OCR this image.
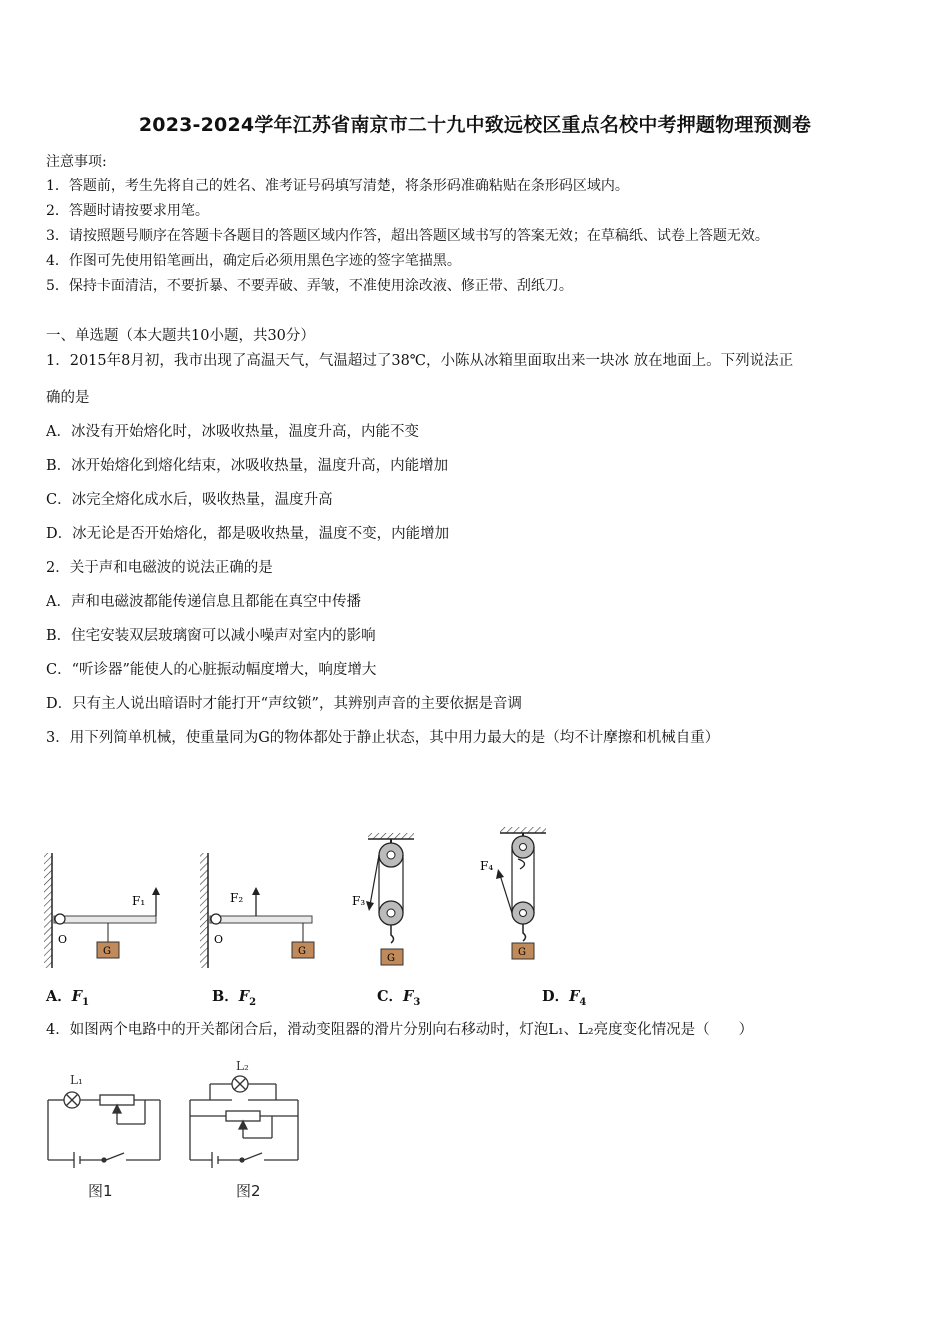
2023-2024学年江苏省南京市二十九中致远校区重点名校中考押题物理预测卷
注意事项:
1．答题前，考生先将自己的姓名、准考证号码填写清楚，将条形码准确粘贴在条形码区域内。
2．答题时请按要求用笔。
3．请按照题号顺序在答题卡各题目的答题区域内作答，超出答题区域书写的答案无效；在草稿纸、试卷上答题无效。
4．作图可先使用铅笔画出，确定后必须用黑色字迹的签字笔描黑。
5．保持卡面清洁，不要折暴、不要弄破、弄皱，不准使用涂改液、修正带、刮纸刀。
一、单选题（本大题共10小题，共30分）
1．2015年8月初，我市出现了高温天气，气温超过了38℃，小陈从冰箱里面取出来一块冰 放在地面上。下列说法正
确的是
A．冰没有开始熔化时，冰吸收热量，温度升高，内能不变
B．冰开始熔化到熔化结束，冰吸收热量，温度升高，内能增加
C．冰完全熔化成水后，吸收热量，温度升高
D．冰无论是否开始熔化，都是吸收热量，温度不变，内能增加
2．关于声和电磁波的说法正确的是
A．声和电磁波都能传递信息且都能在真空中传播
B．住宅安装双层玻璃窗可以减小噪声对室内的影响
C．“听诊器”能使人的心脏振动幅度增大，响度增大
D．只有主人说出暗语时才能打开“声纹锁”，其辨别声音的主要依据是音调
3．用下列简单机械，使重量同为G的物体都处于静止状态，其中用力最大的是（均不计摩擦和机械自重）
O
G
F₁
O
G
F₂	F₃
G
F₄
G
A．$F_1$	B．$F_2$	C．$F_3$	D．$F_4$
4．如图两个电路中的开关都闭合后，滑动变阻器的滑片分别向右移动时，灯泡L₁、L₂亮度变化情况是（　　）
L₁
图1
L₂
图2
